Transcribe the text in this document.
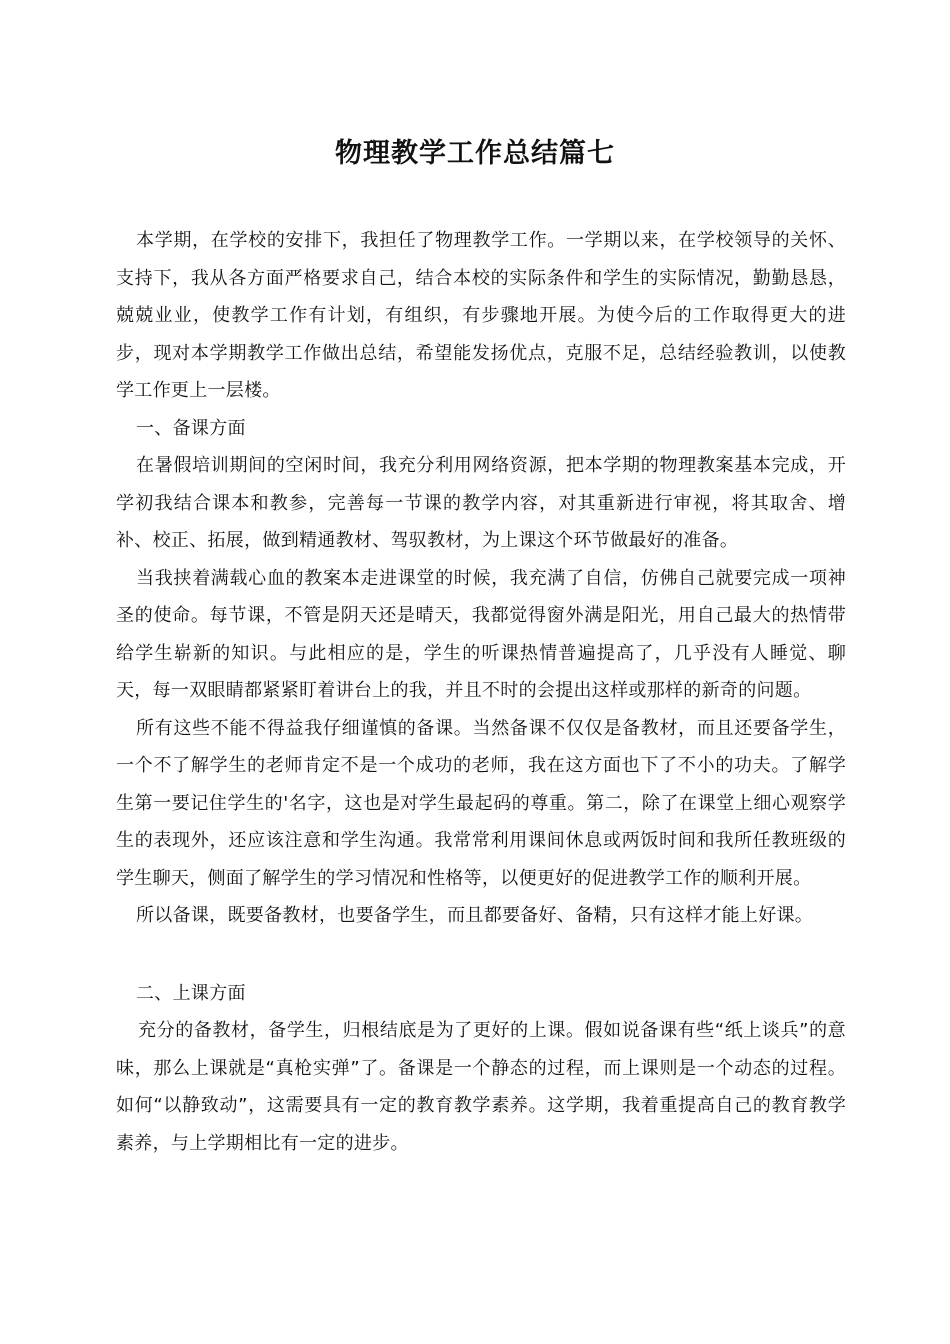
物理教学工作总结篇七

本学期，在学校的安排下，我担任了物理教学工作。一学期以来，在学校领导的关怀、支持下，我从各方面严格要求自己，结合本校的实际条件和学生的实际情况，勤勤恳恳，兢兢业业，使教学工作有计划，有组织，有步骤地开展。为使今后的工作取得更大的进步，现对本学期教学工作做出总结，希望能发扬优点，克服不足，总结经验教训，以使教学工作更上一层楼。

一、备课方面

在暑假培训期间的空闲时间，我充分利用网络资源，把本学期的物理教案基本完成，开学初我结合课本和教参，完善每一节课的教学内容，对其重新进行审视，将其取舍、增补、校正、拓展，做到精通教材、驾驭教材，为上课这个环节做最好的准备。

当我挟着满载心血的教案本走进课堂的时候，我充满了自信，仿佛自己就要完成一项神圣的使命。每节课，不管是阴天还是晴天，我都觉得窗外满是阳光，用自己最大的热情带给学生崭新的知识。与此相应的是，学生的听课热情普遍提高了，几乎没有人睡觉、聊天，每一双眼睛都紧紧盯着讲台上的我，并且不时的会提出这样或那样的新奇的问题。

所有这些不能不得益我仔细谨慎的备课。当然备课不仅仅是备教材，而且还要备学生，一个不了解学生的老师肯定不是一个成功的老师，我在这方面也下了不小的功夫。了解学生第一要记住学生的'名字，这也是对学生最起码的尊重。第二，除了在课堂上细心观察学生的表现外，还应该注意和学生沟通。我常常利用课间休息或两饭时间和我所任教班级的学生聊天，侧面了解学生的学习情况和性格等，以便更好的促进教学工作的顺利开展。

所以备课，既要备教材，也要备学生，而且都要备好、备精，只有这样才能上好课。

二、上课方面

充分的备教材，备学生，归根结底是为了更好的上课。假如说备课有些“纸上谈兵”的意味，那么上课就是“真枪实弹”了。备课是一个静态的过程，而上课则是一个动态的过程。如何“以静致动”，这需要具有一定的教育教学素养。这学期，我着重提高自己的教育教学素养，与上学期相比有一定的进步。
